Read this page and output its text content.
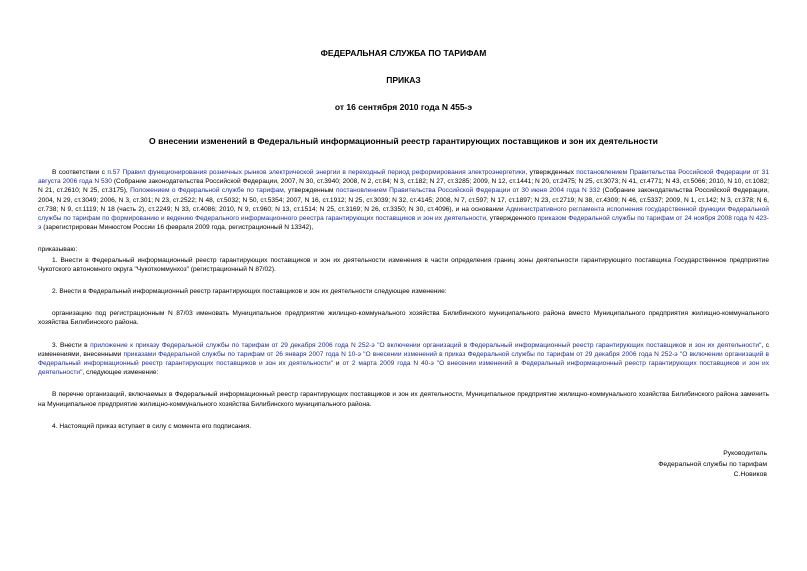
ФЕДЕРАЛЬНАЯ СЛУЖБА ПО ТАРИФАМ
ПРИКАЗ
от 16 сентября 2010 года N 455-э
О внесении изменений в Федеральный информационный реестр гарантирующих поставщиков и зон их деятельности

В соответствии с п.57 Правил функционирования розничных рынков электрической энергии в переходный период реформирования электроэнергетики, утвержденных постановлением Правительства Российской Федерации от 31 августа 2006 года N 530 (Собрание законодательства Российской Федерации, 2007, N 30, ст.3940; 2008, N 2, ст.84; N 3, ст.182; N 27, ст.3285; 2009, N 12, ст.1441; N 20, ст.2475; N 25, ст.3073; N 41, ст.4771; N 43, ст.5066; 2010, N 10, ст.1082; N 21, ст.2610; N 25, ст.3175), Положением о Федеральной службе по тарифам, утвержденным постановлением Правительства Российской Федерации от 30 июня 2004 года N 332 (Собрание законодательства Российской Федерации, 2004, N 29, ст.3049; 2006, N 3, ст.301; N 23, ст.2522; N 48, ст.5032; N 50, ст.5354; 2007, N 16, ст.1912; N 25, ст.3039; N 32, ст.4145; 2008, N 7, ст.597; N 17, ст.1897; N 23, ст.2719; N 38, ст.4309; N 46, ст.5337; 2009, N 1, ст.142; N 3, ст.378; N 6, ст.738; N 9, ст.1119; N 18 (часть 2), ст.2249; N 33, ст.4086; 2010, N 9, ст.960; N 13, ст.1514; N 25, ст.3169; N 26, ст.3350; N 30, ст.4096), и на основании Административного регламента исполнения государственной функции Федеральной службы по тарифам по формированию и ведению Федерального информационного реестра гарантирующих поставщиков и зон их деятельности, утвержденного приказом Федеральной службы по тарифам от 24 ноября 2008 года N 423-э (зарегистрирован Минюстом России 16 февраля 2009 года, регистрационный N 13342),

приказываю:

1. Внести в Федеральный информационный реестр гарантирующих поставщиков и зон их деятельности изменения в части определения границ зоны деятельности гарантирующего поставщика Государственное предприятие Чукотского автономного округа "Чукоткоммунхоз" (регистрационный N 87/02).

2. Внести в Федеральный информационный реестр гарантирующих поставщиков и зон их деятельности следующее изменение:

организацию под регистрационным N 87/03 именовать Муниципальное предприятие жилищно-коммунального хозяйства Билибинского муниципального района вместо Муниципального предприятия жилищно-коммунального хозяйства Билибинского района.

3. Внести в приложение к приказу Федеральной службы по тарифам от 29 декабря 2006 года N 252-э "О включении организаций в Федеральный информационный реестр гарантирующих поставщиков и зон их деятельности", с изменениями, внесенными приказами Федеральной службы по тарифам от 26 января 2007 года N 10-э "О внесении изменений в приказ Федеральной службы по тарифам от 29 декабря 2006 года N 252-э "О включении организаций в Федеральный информационный реестр гарантирующих поставщиков и зон их деятельности" и от 2 марта 2009 года N 40-э "О внесении изменений в Федеральный информационный реестр гарантирующих поставщиков и зон их деятельности", следующее изменение:

В перечне организаций, включаемых в Федеральный информационный реестр гарантирующих поставщиков и зон их деятельности, Муниципальное предприятие жилищно-коммунального хозяйства Билибинского района заменить на Муниципальное предприятие жилищно-коммунального хозяйства Билибинского муниципального района.

4. Настоящий приказ вступает в силу с момента его подписания.

Руководитель
Федеральной службы по тарифам
С.Новиков
